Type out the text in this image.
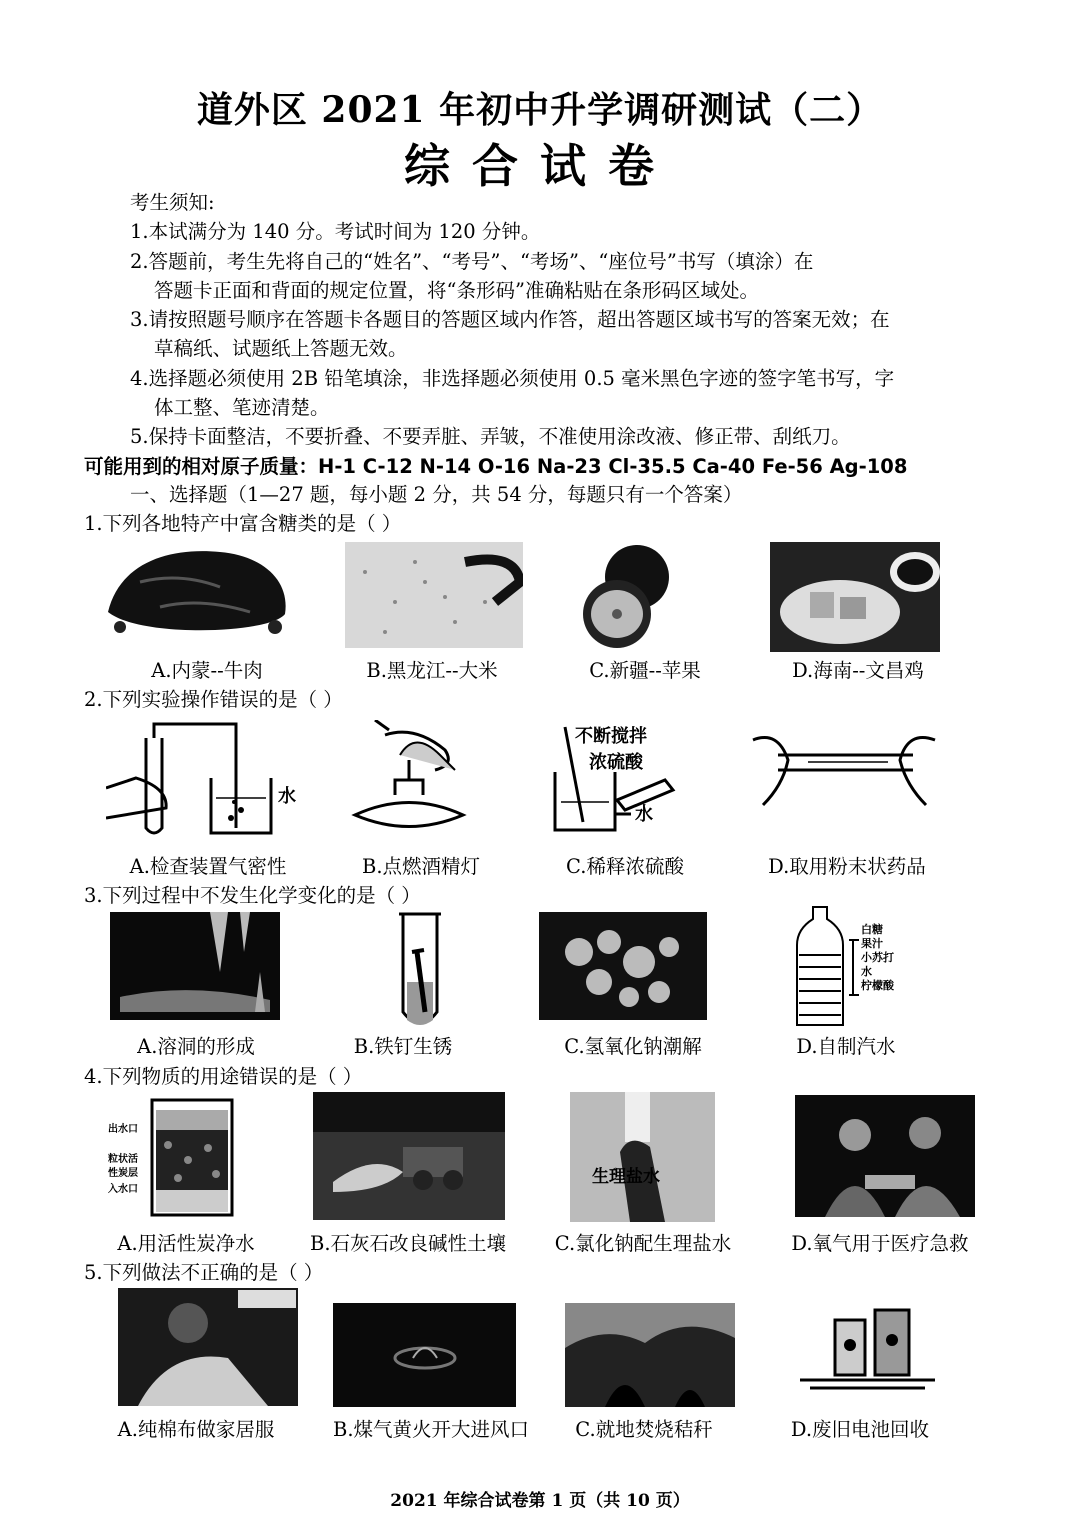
道外区 2021 年初中升学调研测试（二）
综合试卷
考生须知:
1.本试满分为 140 分。考试时间为 120 分钟。
2.答题前，考生先将自己的“姓名”、“考号”、“考场”、“座位号”书写（填涂）在
答题卡正面和背面的规定位置，将“条形码”准确粘贴在条形码区域处。
3.请按照题号顺序在答题卡各题目的答题区域内作答，超出答题区域书写的答案无效；在
草稿纸、试题纸上答题无效。
4.选择题必须使用 2B 铅笔填涂，非选择题必须使用 0.5 毫米黑色字迹的签字笔书写，字
体工整、笔迹清楚。
5.保持卡面整洁，不要折叠、不要弄脏、弄皱，不准使用涂改液、修正带、刮纸刀。
可能用到的相对原子质量：H-1 C-12 N-14 O-16 Na-23 Cl-35.5 Ca-40 Fe-56 Ag-108
一、选择题（1—27 题，每小题 2 分，共 54 分，每题只有一个答案）
1.下列各地特产中富含糖类的是（ ）
A.内蒙--牛肉	B.黑龙江--大米	C.新疆--苹果	D.海南--文昌鸡
2.下列实验操作错误的是（ ）
水
不断搅拌
浓硫酸
水
A.检查装置气密性	B.点燃酒精灯	C.稀释浓硫酸	D.取用粉末状药品
3.下列过程中不发生化学变化的是（ ）
白糖
果汁
小苏打
水
柠檬酸
A.溶洞的形成	B.铁钉生锈	C.氢氧化钠潮解	D.自制汽水
4.下列物质的用途错误的是（ ）
出水口
粒状活
性炭层
入水口
生理盐水
A.用活性炭净水	B.石灰石改良碱性土壤	C.氯化钠配生理盐水	D.氧气用于医疗急救
5.下列做法不正确的是（ ）
A.纯棉布做家居服	B.煤气黄火开大进风口	C.就地焚烧秸秆	D.废旧电池回收
2021 年综合试卷第 1 页（共 10 页）
